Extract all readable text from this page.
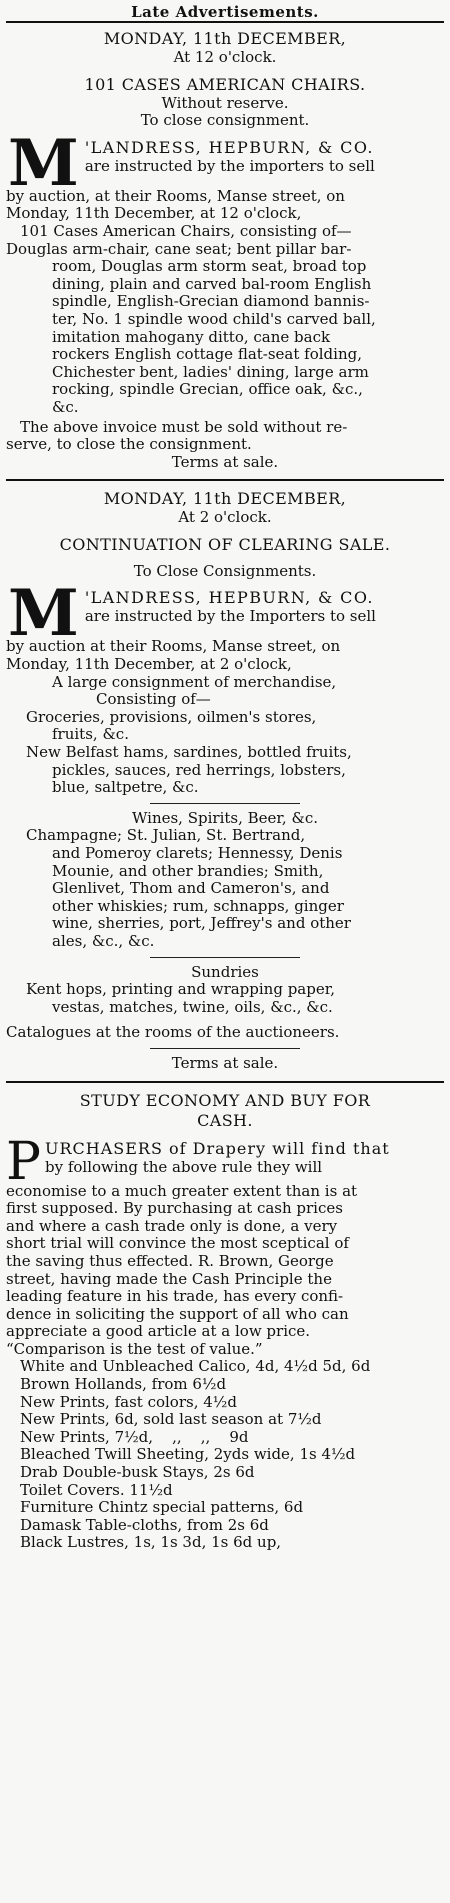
Late Advertisements.
MONDAY, 11th DECEMBER,
At 12 o'clock.
101 CASES AMERICAN CHAIRS.
Without reserve.
To close consignment.
M 'LANDRESS, HEPBURN, & CO.
are instructed by the importers to sell
by auction, at their Rooms, Manse street, on
Monday, 11th December, at 12 o'clock,
101 Cases American Chairs, consisting of—
Douglas arm-chair, cane seat; bent pillar bar-
room, Douglas arm storm seat, broad top
dining, plain and carved bal-room English
spindle, English-Grecian diamond bannis-
ter, No. 1 spindle wood child's carved ball,
imitation mahogany ditto, cane back
rockers English cottage flat-seat folding,
Chichester bent, ladies' dining, large arm
rocking, spindle Grecian, office oak, &c.,
&c.
The above invoice must be sold without re-
serve, to close the consignment.
Terms at sale.
MONDAY, 11th DECEMBER,
At 2 o'clock.
CONTINUATION OF CLEARING SALE.
To Close Consignments.
M 'LANDRESS, HEPBURN, & CO.
are instructed by the Importers to sell
by auction at their Rooms, Manse street, on
Monday, 11th December, at 2 o'clock,
A large consignment of merchandise,
Consisting of—
Groceries, provisions, oilmen's stores,
fruits, &c.
New Belfast hams, sardines, bottled fruits,
pickles, sauces, red herrings, lobsters,
blue, saltpetre, &c.
Wines, Spirits, Beer, &c.
Champagne; St. Julian, St. Bertrand,
and Pomeroy clarets; Hennessy, Denis
Mounie, and other brandies; Smith,
Glenlivet, Thom and Cameron's, and
other whiskies; rum, schnapps, ginger
wine, sherries, port, Jeffrey's and other
ales, &c., &c.
Sundries
Kent hops, printing and wrapping paper,
vestas, matches, twine, oils, &c., &c.
Catalogues at the rooms of the auctioneers.
Terms at sale.
STUDY ECONOMY AND BUY FOR
CASH.
P URCHASERS of Drapery will find that
by following the above rule they will
economise to a much greater extent than is at
first supposed. By purchasing at cash prices
and where a cash trade only is done, a very
short trial will convince the most sceptical of
the saving thus effected. R. Brown, George
street, having made the Cash Principle the
leading feature in his trade, has every confi-
dence in soliciting the support of all who can
appreciate a good article at a low price.
“Comparison is the test of value.”
White and Unbleached Calico, 4d, 4½d 5d, 6d
Brown Hollands, from 6½d
New Prints, fast colors, 4½d
New Prints, 6d, sold last season at 7½d
New Prints, 7½d,    ,,    ,,    9d
Bleached Twill Sheeting, 2yds wide, 1s 4½d
Drab Double-busk Stays, 2s 6d
Toilet Covers. 11½d
Furniture Chintz special patterns, 6d
Damask Table-cloths, from 2s 6d
Black Lustres, 1s, 1s 3d, 1s 6d up,
